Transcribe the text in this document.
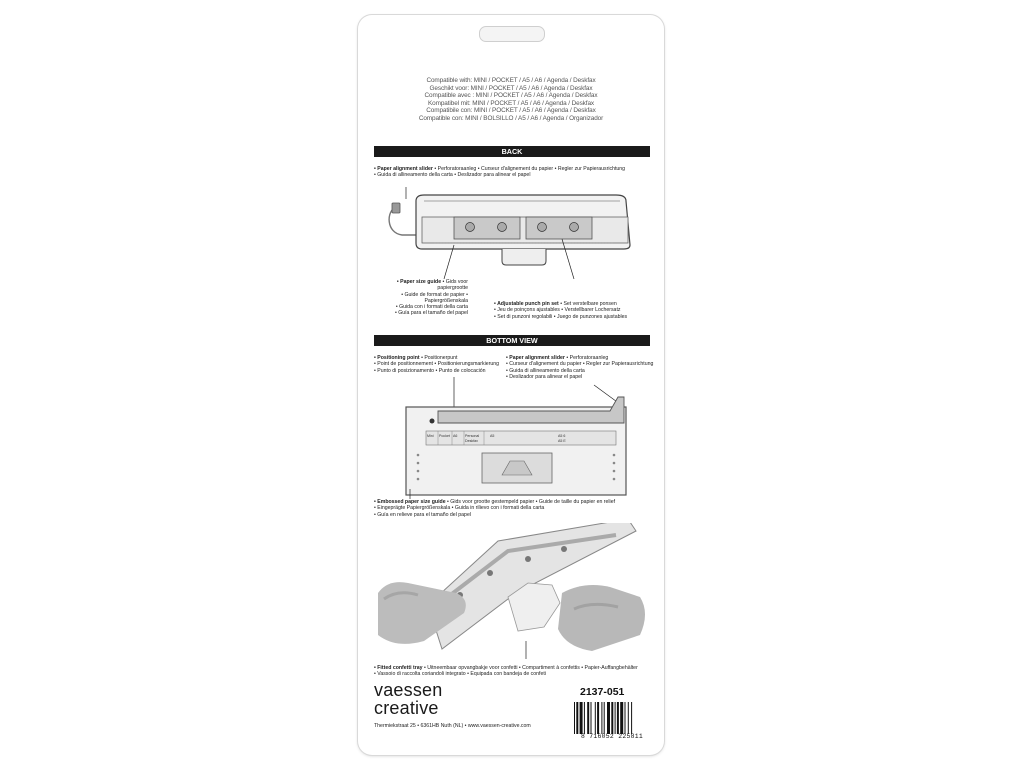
Compatible with: MINI / POCKET / A5 / A6 / Agenda / Deskfax
Geschikt voor: MINI / POCKET / A5 / A6 / Agenda / Deskfax
Compatible avec : MINI / POCKET / A5 / A6 / Agenda / Deskfax
Kompatibel mit: MINI / POCKET / A5 / A6 / Agenda / Deskfax
Compatibile con: MINI / POCKET / A5 / A6 / Agenda / Deskfax
Compatible con: MINI / BOLSILLO / A5 / A6 / Agenda / Organizador
BACK
• Paper alignment slider • Perforatoraanleg • Curseur d'alignement du papier • Regler zur Papierausrichtung
• Guida di allineamento della carta • Deslizador para alinear el papel
• Paper size guide • Gids voor papiergrootte
• Guide de format de papier • Papiergrößenskala
• Guida con i formati della carta
• Guía para el tamaño del papel
• Adjustable punch pin set • Set verstelbare ponsen
• Jeu de poinçons ajustables • Verstellbarer Lochersatz
• Set di punzoni regolabili • Juego de punzones ajustables
BOTTOM VIEW
• Positioning point • Positionerpunt
• Point de positionnement • Positionierungsmarkierung
• Punto di posizionamento • Punto de colocación
• Paper alignment slider • Perforatoraanleg
• Curseur d'alignement du papier • Regler zur Papierausrichtung
• Guida di allineamento della carta
• Deslizador para alinear el papel
Mini Pocket A6 Personal
Deskfax
A5	A5 6
A5 E
• Embossed paper size guide • Gids voor grootte gestempeld papier • Guide de taille du papier en relief
• Eingeprägte Papiergrößenskala • Guida in rilievo con i formati della carta
• Guía en relieve para el tamaño del papel
• Fitted confetti tray • Uitneembaar opvangbakje voor confetti • Compartiment à confettis • Papier-Auffangbehälter
• Vassoio di raccolta coriandoli integrato • Equipada con bandeja de confeti
vaessen
creative
2137-051
Thermiekstraat 25 • 6361HB Nuth (NL) • www.vaessen-creative.com
8 716052 225811
